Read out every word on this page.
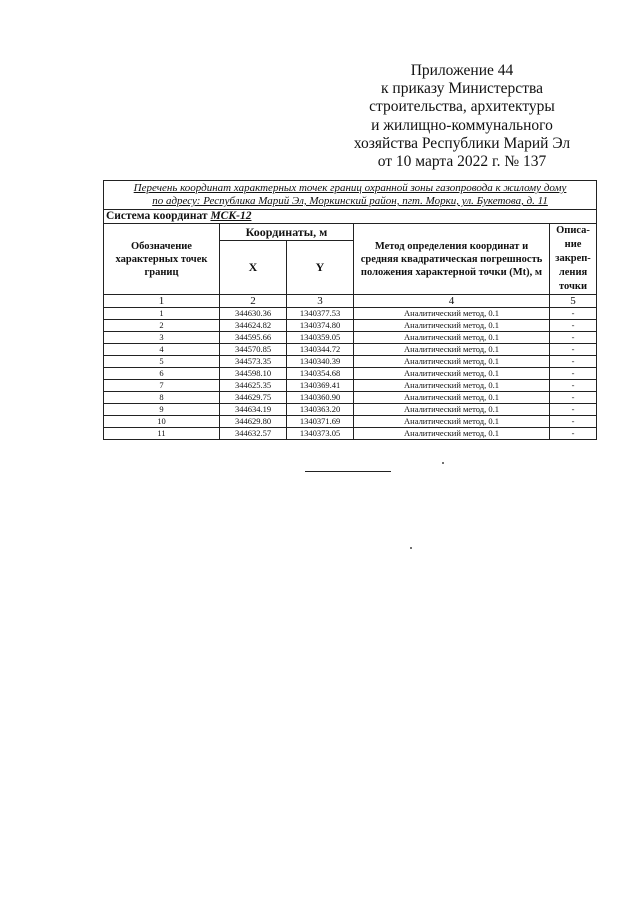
Приложение 44
к приказу Министерства
строительства, архитектуры
и жилищно-коммунального
хозяйства Республики Марий Эл
от 10 марта 2022 г. № 137
Перечень координат характерных точек границ охранной зоны газопровода к жилому дому
по адресу: Республика Марий Эл, Моркинский район, пгт. Морки, ул. Букетова, д. 11				

Система координат МСК-12				
Обозначение характерных точек границ	Координаты, м		Метод определения координат и средняя квадратическая погрешность положения характерной точки (Mt), м	Описа-
ние
закреп-
ления
точки
	X	Y		
1	2	3	4	5
1	344630.36	1340377.53	Аналитический метод, 0.1	-
2	344624.82	1340374.80	Аналитический метод, 0.1	-
3	344595.66	1340359.05	Аналитический метод, 0.1	-
4	344570.85	1340344.72	Аналитический метод, 0.1	-
5	344573.35	1340340.39	Аналитический метод, 0.1	-
6	344598.10	1340354.68	Аналитический метод, 0.1	-
7	344625.35	1340369.41	Аналитический метод, 0.1	-
8	344629.75	1340360.90	Аналитический метод, 0.1	-
9	344634.19	1340363.20	Аналитический метод, 0.1	-
10	344629.80	1340371.69	Аналитический метод, 0.1	-
11	344632.57	1340373.05	Аналитический метод, 0.1	-
